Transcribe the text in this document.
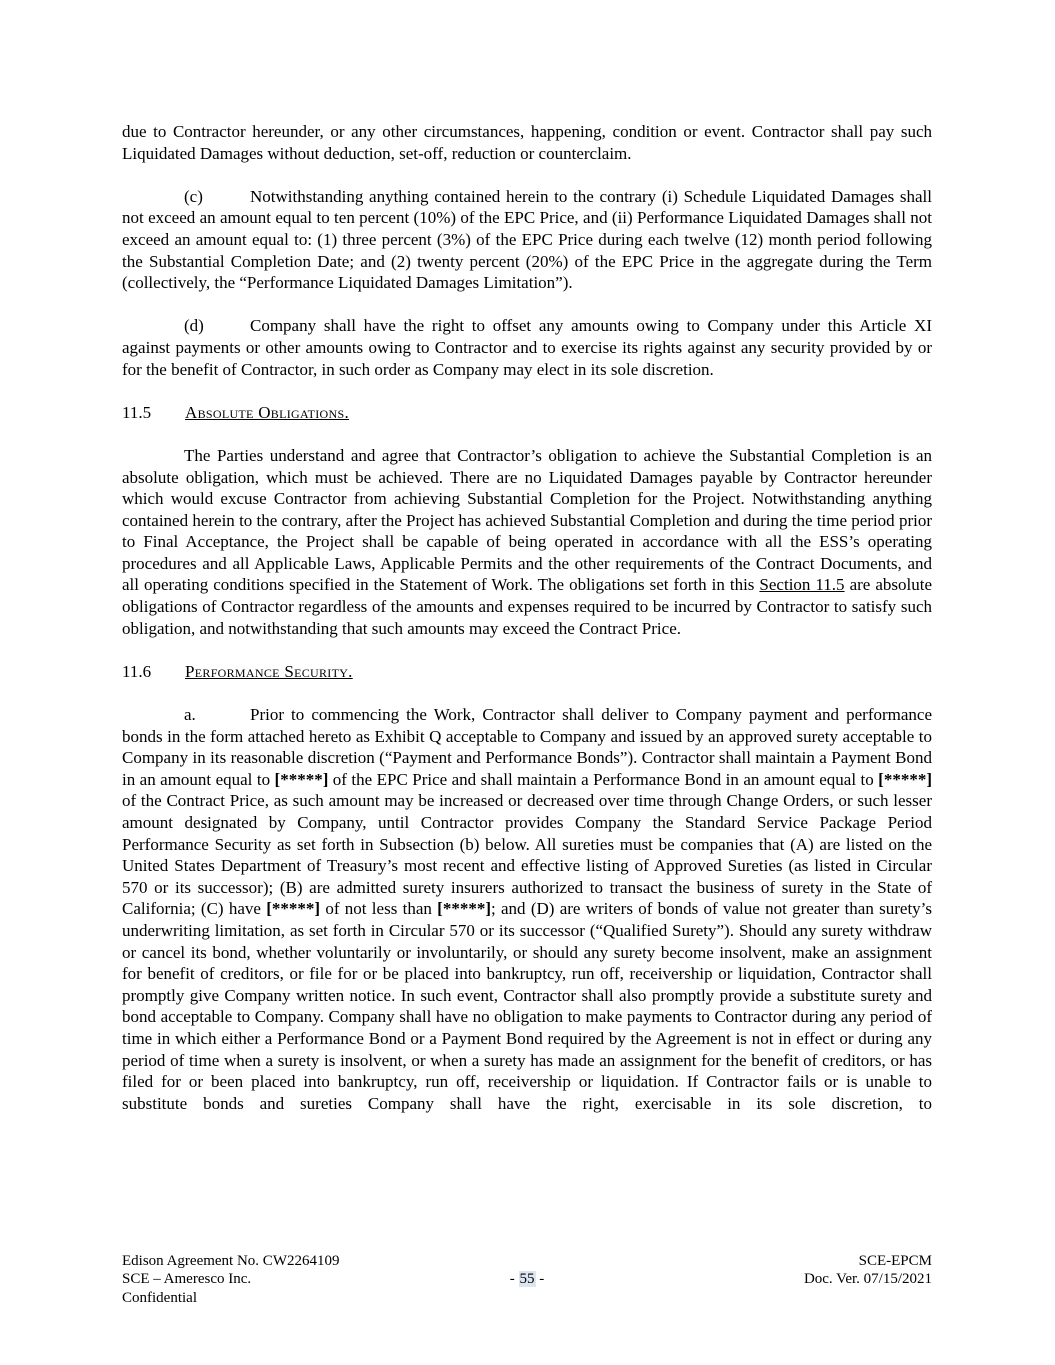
due to Contractor hereunder, or any other circumstances, happening, condition or event. Contractor shall pay such Liquidated Damages without deduction, set-off, reduction or counterclaim.

(c)	Notwithstanding anything contained herein to the contrary (i) Schedule Liquidated Damages shall not exceed an amount equal to ten percent (10%) of the EPC Price, and (ii) Performance Liquidated Damages shall not exceed an amount equal to: (1) three percent (3%) of the EPC Price during each twelve (12) month period following the Substantial Completion Date; and (2) twenty percent (20%) of the EPC Price in the aggregate during the Term (collectively, the “Performance Liquidated Damages Limitation”).

(d)	Company shall have the right to offset any amounts owing to Company under this Article XI against payments or other amounts owing to Contractor and to exercise its rights against any security provided by or for the benefit of Contractor, in such order as Company may elect in its sole discretion.

11.5 Absolute Obligations.

The Parties understand and agree that Contractor’s obligation to achieve the Substantial Completion is an absolute obligation, which must be achieved. There are no Liquidated Damages payable by Contractor hereunder which would excuse Contractor from achieving Substantial Completion for the Project. Notwithstanding anything contained herein to the contrary, after the Project has achieved Substantial Completion and during the time period prior to Final Acceptance, the Project shall be capable of being operated in accordance with all the ESS’s operating procedures and all Applicable Laws, Applicable Permits and the other requirements of the Contract Documents, and all operating conditions specified in the Statement of Work. The obligations set forth in this Section 11.5 are absolute obligations of Contractor regardless of the amounts and expenses required to be incurred by Contractor to satisfy such obligation, and notwithstanding that such amounts may exceed the Contract Price.

11.6 Performance Security.

a.	Prior to commencing the Work, Contractor shall deliver to Company payment and performance bonds in the form attached hereto as Exhibit Q acceptable to Company and issued by an approved surety acceptable to Company in its reasonable discretion (“Payment and Performance Bonds”). Contractor shall maintain a Payment Bond in an amount equal to [*****] of the EPC Price and shall maintain a Performance Bond in an amount equal to [*****] of the Contract Price, as such amount may be increased or decreased over time through Change Orders, or such lesser amount designated by Company, until Contractor provides Company the Standard Service Package Period Performance Security as set forth in Subsection (b) below. All sureties must be companies that (A) are listed on the United States Department of Treasury’s most recent and effective listing of Approved Sureties (as listed in Circular 570 or its successor); (B) are admitted surety insurers authorized to transact the business of surety in the State of California; (C) have [*****] of not less than [*****]; and (D) are writers of bonds of value not greater than surety’s underwriting limitation, as set forth in Circular 570 or its successor (“Qualified Surety”). Should any surety withdraw or cancel its bond, whether voluntarily or involuntarily, or should any surety become insolvent, make an assignment for benefit of creditors, or file for or be placed into bankruptcy, run off, receivership or liquidation, Contractor shall promptly give Company written notice. In such event, Contractor shall also promptly provide a substitute surety and bond acceptable to Company. Company shall have no obligation to make payments to Contractor during any period of time in which either a Performance Bond or a Payment Bond required by the Agreement is not in effect or during any period of time when a surety is insolvent, or when a surety has made an assignment for the benefit of creditors, or has filed for or been placed into bankruptcy, run off, receivership or liquidation. If Contractor fails or is unable to substitute bonds and sureties Company shall have the right, exercisable in its sole discretion, to

Edison Agreement No. CW2264109
SCE – Ameresco Inc.
Confidential
- 55 -
SCE-EPCM
Doc. Ver. 07/15/2021
